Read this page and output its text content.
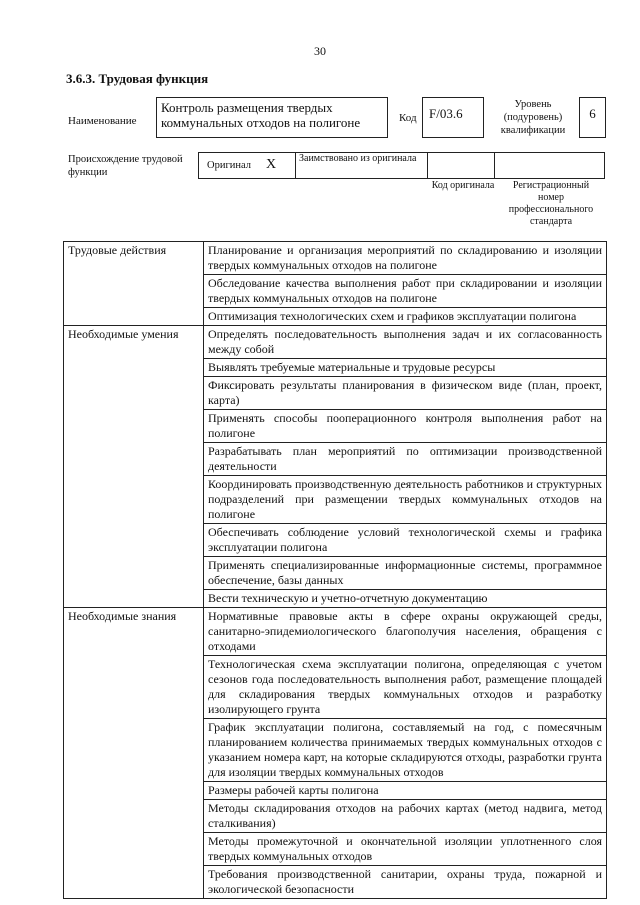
30
3.6.3. Трудовая функция
Наименование
Контроль размещения твердых коммунальных отходов на полигоне	Код F/03.6
Уровень (подуровень) квалификации
6
Происхождение трудовой функции
Оригинал X Заимствовано из оригинала
Код оригинала	Регистрационный номер профессионального стандарта
Трудовые действия	Планирование и организация мероприятий по складированию и изоляции твердых коммунальных отходов на полигоне
	Обследование качества выполнения работ при складировании и изоляции твердых коммунальных отходов на полигоне
	Оптимизация технологических схем и графиков эксплуатации полигона
Необходимые умения	Определять последовательность выполнения задач и их согласованность между собой
	Выявлять требуемые материальные и трудовые ресурсы
	Фиксировать результаты планирования в физическом виде (план, проект, карта)
	Применять способы пооперационного контроля выполнения работ на полигоне
	Разрабатывать план мероприятий по оптимизации производственной деятельности
	Координировать производственную деятельность работников и структурных подразделений при размещении твердых коммунальных отходов на полигоне
	Обеспечивать соблюдение условий технологической схемы и графика эксплуатации полигона
	Применять специализированные информационные системы, программное обеспечение, базы данных
	Вести техническую и учетно-отчетную документацию
Необходимые знания	Нормативные правовые акты в сфере охраны окружающей среды, санитарно-эпидемиологического благополучия населения, обращения с отходами
	Технологическая схема эксплуатации полигона, определяющая с учетом сезонов года последовательность выполнения работ, размещение площадей для складирования твердых коммунальных отходов и разработку изолирующего грунта
	График эксплуатации полигона, составляемый на год, с помесячным планированием количества принимаемых твердых коммунальных отходов с указанием номера карт, на которые складируются отходы, разработки грунта для изоляции твердых коммунальных отходов
	Размеры рабочей карты полигона
	Методы складирования отходов на рабочих картах (метод надвига, метод сталкивания)
	Методы промежуточной и окончательной изоляции уплотненного слоя твердых коммунальных отходов
	Требования производственной санитарии, охраны труда, пожарной и экологической безопасности
